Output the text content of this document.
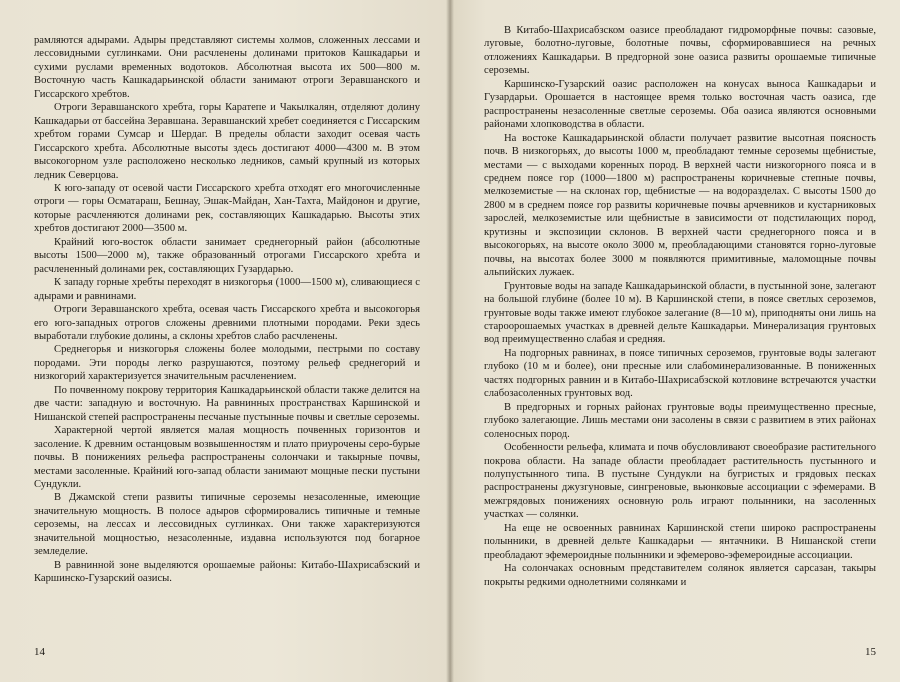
рамляются адырами. Адыры представляют системы холмов, сложенных лессами и лессовидными суглинками. Они расчленены долинами притоков Кашкадарьи и сухими руслами временных водотоков. Абсолютная высота их 500—800 м. Восточную часть Кашкадарьинской области занимают отроги Зеравшанского и Гиссарского хребтов.

Отроги Зеравшанского хребта, горы Каратепе и Чакылкалян, отделяют долину Кашкадарьи от бассейна Зеравшана. Зеравшанский хребет соединяется с Гиссарским хребтом горами Сумсар и Шердаг. В пределы области заходит осевая часть Гиссарского хребта. Абсолютные высоты здесь достигают 4000—4300 м. В этом высокогорном узле расположено несколько ледников, самый крупный из которых ледник Северцова.

К юго-западу от осевой части Гиссарского хребта отходят его многочисленные отроги — горы Осматараш, Бешнау, Эшак-Майдан, Хан-Тахта, Майдонон и другие, которые расчленяются долинами рек, составляющих Кашкадарью. Высоты этих хребтов достигают 2000—3500 м.

Крайний юго-восток области занимает среднегорный район (абсолютные высоты 1500—2000 м), также образованный отрогами Гиссарского хребта и расчлененный долинами рек, составляющих Гузардарью.

К западу горные хребты переходят в низкогорья (1000—1500 м), сливающиеся с адырами и равнинами.

Отроги Зеравшанского хребта, осевая часть Гиссарского хребта и высокогорья его юго-западных отрогов сложены древними плотными породами. Реки здесь выработали глубокие долины, а склоны хребтов слабо расчленены.

Среднегорья и низкогорья сложены более молодыми, пестрыми по составу породами. Эти породы легко разрушаются, поэтому рельеф среднегорий и низкогорий характеризуется значительным расчленением.

По почвенному покрову территория Кашкадарьинской области также делится на две части: западную и восточную. На равнинных пространствах Каршинской и Нишанской степей распространены песчаные пустынные почвы и светлые сероземы.

Характерной чертой является малая мощность почвенных горизонтов и засоление. К древним останцовым возвышенностям и плато приурочены серо-бурые почвы. В понижениях рельефа распространены солончаки и такырные почвы, местами засоленные. Крайний юго-запад области занимают мощные пески пустыни Сундукли.

В Джамской степи развиты типичные сероземы незасоленные, имеющие значительную мощность. В полосе адыров сформировались типичные и темные сероземы, на лессах и лессовидных суглинках. Они также характеризуются значительной мощностью, незасоленные, издавна используются под богарное земледелие.

В равнинной зоне выделяются орошаемые районы: Китабо-Шахрисабзский и Каршинско-Гузарский оазисы.

14

В Китабо-Шахрисабзском оазисе преобладают гидроморфные почвы: сазовые, луговые, болотно-луговые, болотные почвы, сформировавшиеся на речных отложениях Кашкадарьи. В предгорной зоне оазиса развиты орошаемые типичные сероземы.

Каршинско-Гузарский оазис расположен на конусах выноса Кашкадарьи и Гузардарьи. Орошается в настоящее время только восточная часть оазиса, где распространены незасоленные светлые сероземы. Оба оазиса являются основными районами хлопководства в области.

На востоке Кашкадарьинской области получает развитие высотная поясность почв. В низкогорьях, до высоты 1000 м, преобладают темные сероземы щебнистые, местами — с выходами коренных пород. В верхней части низкогорного пояса и в среднем поясе гор (1000—1800 м) распространены коричневые степные почвы, мелкоземистые — на склонах гор, щебнистые — на водоразделах. С высоты 1500 до 2800 м в среднем поясе гор развиты коричневые почвы арчевников и кустарниковых зарослей, мелкоземистые или щебнистые в зависимости от подстилающих пород, крутизны и экспозиции склонов. В верхней части среднегорного пояса и в высокогорьях, на высоте около 3000 м, преобладающими становятся горно-луговые почвы, на высотах более 3000 м появляются примитивные, маломощные почвы альпийских лужаек.

Грунтовые воды на западе Кашкадарьинской области, в пустынной зоне, залегают на большой глубине (более 10 м). В Каршинской степи, в поясе светлых сероземов, грунтовые воды также имеют глубокое залегание (8—10 м), приподняты они лишь на староорошаемых участках в древней дельте Кашкадарьи. Минерализация грунтовых вод преимущественно слабая и средняя.

На подгорных равнинах, в поясе типичных сероземов, грунтовые воды залегают глубоко (10 м и более), они пресные или слабоминерализованные. В пониженных частях подгорных равнин и в Китабо-Шахрисабзской котловине встречаются участки слабозасоленных грунтовых вод.

В предгорных и горных районах грунтовые воды преимущественно пресные, глубоко залегающие. Лишь местами они засолены в связи с развитием в этих районах соленосных пород.

Особенности рельефа, климата и почв обусловливают своеобразие растительного покрова области. На западе области преобладает растительность пустынного и полупустынного типа. В пустыне Сундукли на бугристых и грядовых песках распространены джузгуновые, сингреновые, вьюнковые ассоциации с эфемерами. В межгрядовых понижениях основную роль играют полынники, на засоленных участках — солянки.

На еще не освоенных равнинах Каршинской степи широко распространены полынники, в древней дельте Кашкадарьи — янтачники. В Нишанской степи преобладают эфемероидные полынники и эфемерово-эфемероидные ассоциации.

На солончаках основным представителем солянок является сарсазан, такыры покрыты редкими однолетними солянками и

15
